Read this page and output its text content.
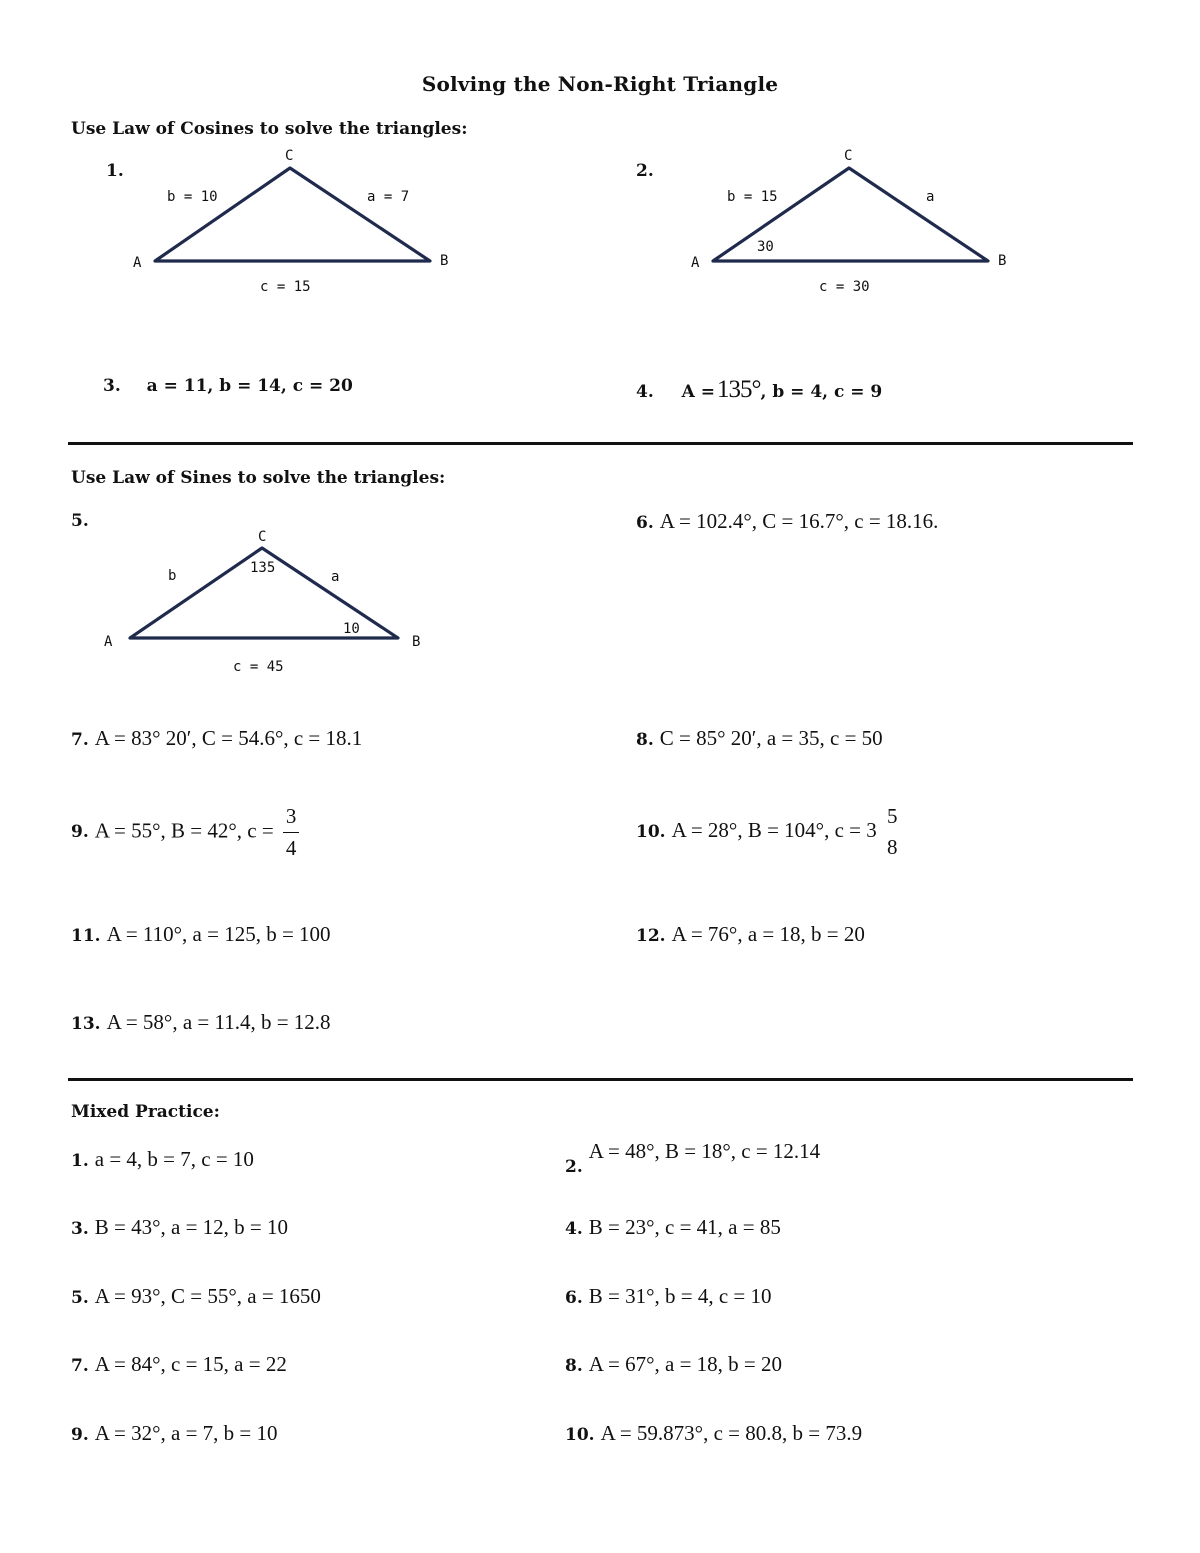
Solving the Non-Right Triangle
Use Law of Cosines to solve the triangles:
1.
C
A	B
b = 10	a = 7
c = 15
2.
C
A	B
b = 15	a
c = 30
30
3. a = 11, b = 14, c = 20	4. A =135°, b = 4, c = 9
Use Law of Sines to solve the triangles:
5.
C
A	B
b	a
c = 45
135
10
6. A = 102.4°, C = 16.7°, c = 18.16.
7. A = 83° 20′, C = 54.6°, c = 18.1	8. C = 85° 20′, a = 35, c = 50
9. A = 55°, B = 42°, $c = \frac{3}{4}$	10. A = 28°, B = 104°, c = 3
5
8
11. A = 110°, a = 125, b = 100	12. A = 76°, a = 18, b = 20
13. A = 58°, a = 11.4, b = 12.8
Mixed Practice:
1. a = 4, b = 7, c = 10	$_{2.}$A = 48°, B = 18°, c = 12.14
3. B = 43°, a = 12, b = 10	4. B = 23°, c = 41, a = 85
5. A = 93°, C = 55°, a = 1650	6. B = 31°, b = 4, c = 10
7. A = 84°, c = 15, a = 22	8. A = 67°, a = 18, b = 20
9. A = 32°, a = 7, b = 10	10. A = 59.873°, c = 80.8, b = 73.9
